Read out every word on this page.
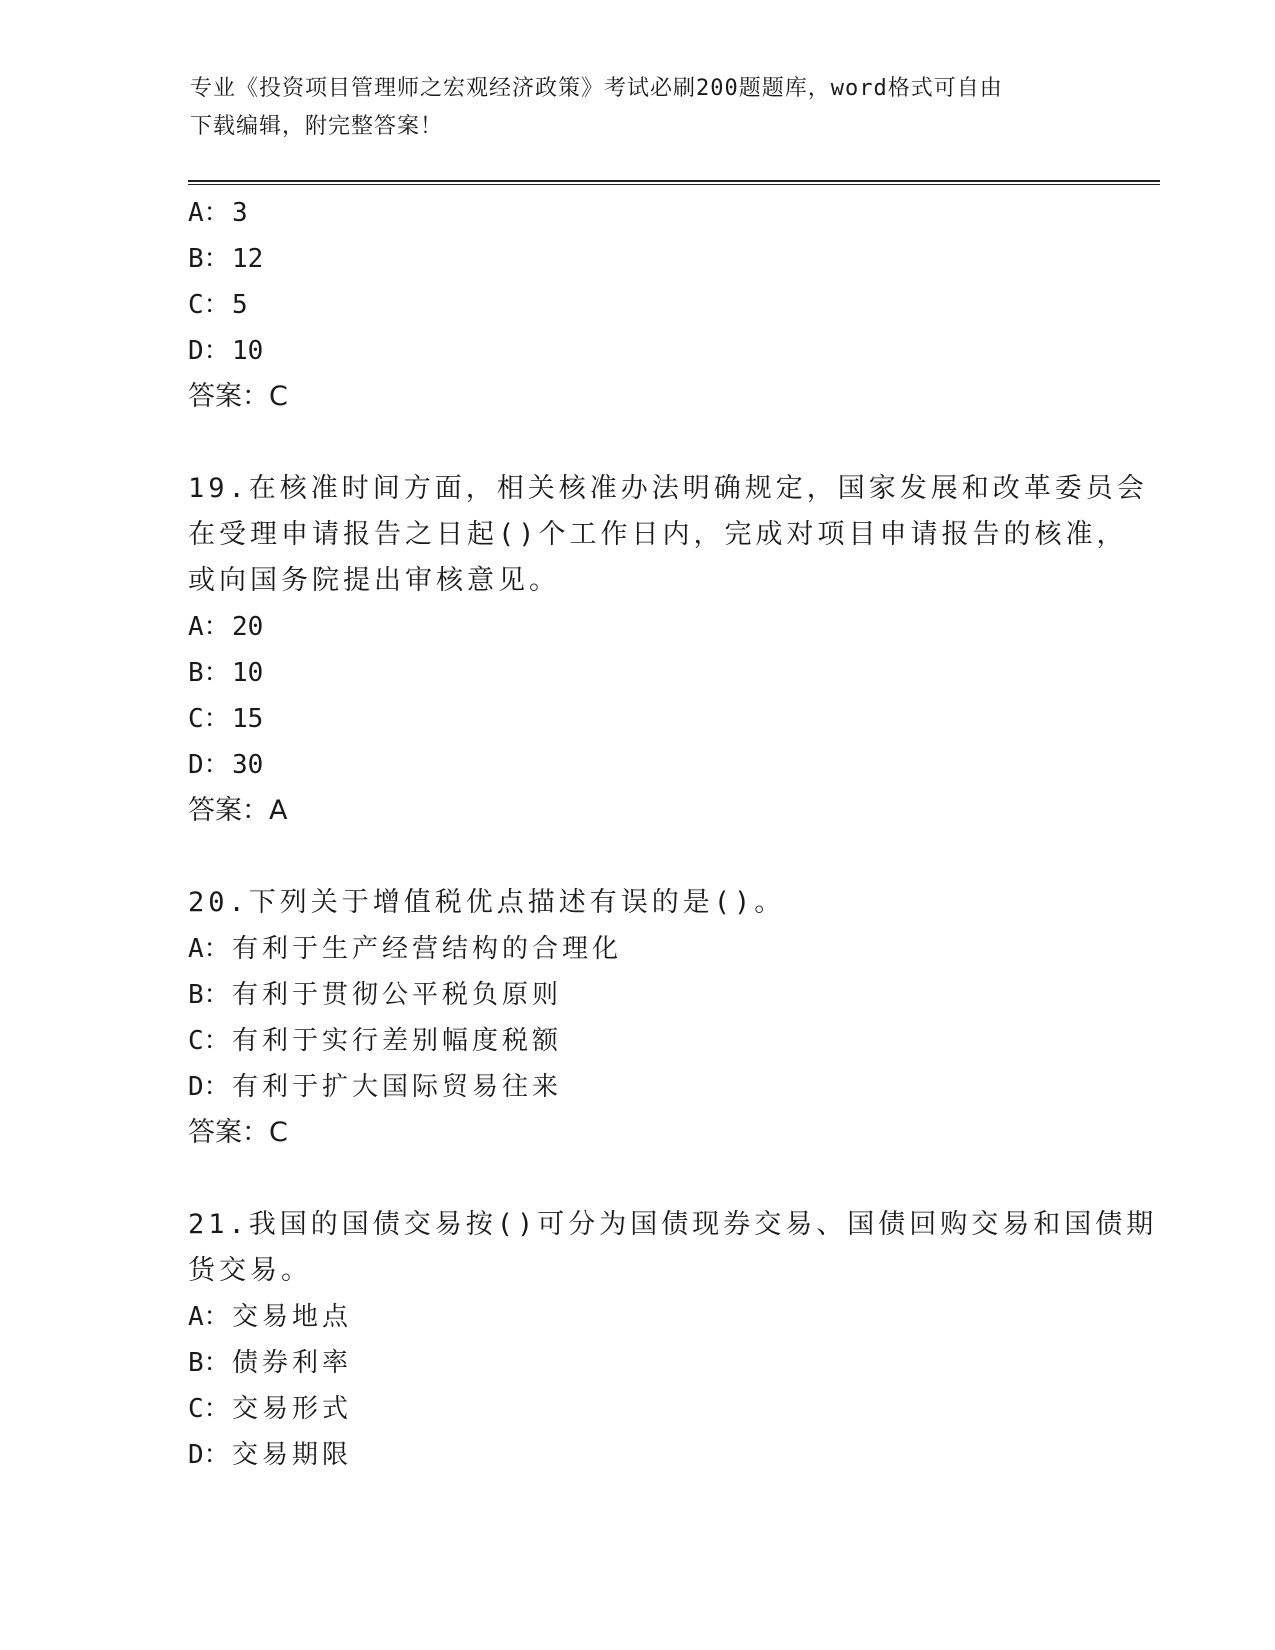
专业《投资项目管理师之宏观经济政策》考试必刷200题题库，word格式可自由
下载编辑，附完整答案！
A：3
B：12
C：5
D：10
答案：C
19.在核准时间方面，相关核准办法明确规定，国家发展和改革委员会
在受理申请报告之日起()个工作日内，完成对项目申请报告的核准，
或向国务院提出审核意见。
A：20
B：10
C：15
D：30
答案：A
20.下列关于增值税优点描述有误的是()。
A：有利于生产经营结构的合理化
B：有利于贯彻公平税负原则
C：有利于实行差别幅度税额
D：有利于扩大国际贸易往来
答案：C
21.我国的国债交易按()可分为国债现券交易、国债回购交易和国债期
货交易。
A：交易地点
B：债券利率
C：交易形式
D：交易期限
